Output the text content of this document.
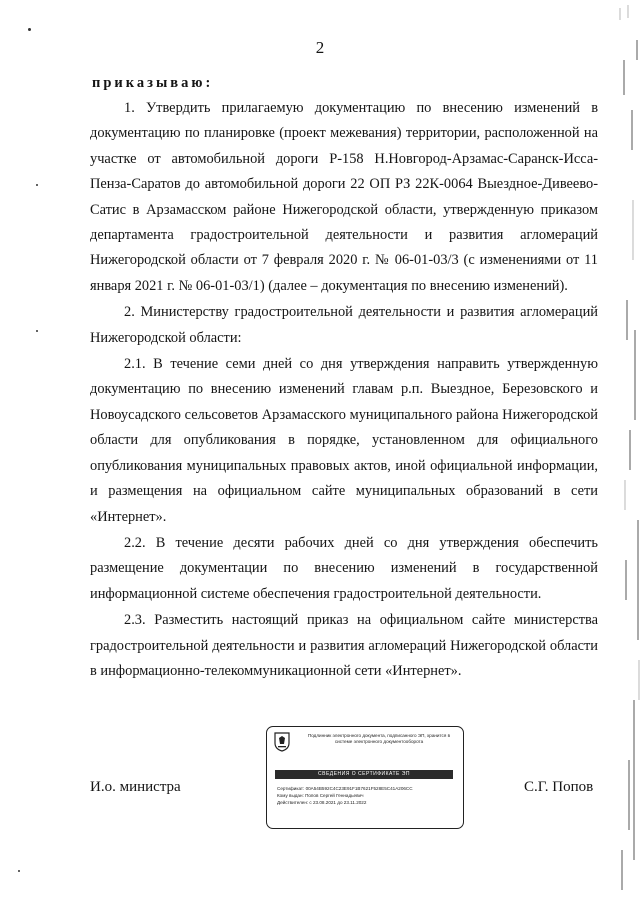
2
приказываю:

1. Утвердить прилагаемую документацию по внесению изменений в документацию по планировке (проект межевания) территории, расположенной на участке от автомобильной дороги Р-158 Н.Новгород-Арзамас-Саранск-Исса-Пенза-Саратов до автомобильной дороги 22 ОП РЗ 22К-0064 Выездное-Дивеево-Сатис в Арзамасском районе Нижегородской области, утвержденную приказом департамента градостроительной деятельности и развития агломераций Нижегородской области от 7 февраля 2020 г. № 06-01-03/3 (с изменениями от 11 января 2021 г. № 06-01-03/1) (далее – документация по внесению изменений).

2. Министерству градостроительной деятельности и развития агломераций Нижегородской области:

2.1. В течение семи дней со дня утверждения направить утвержденную документацию по внесению изменений главам р.п. Выездное, Березовского и Новоусадского сельсоветов Арзамасского муниципального района Нижегородской области для опубликования в порядке, установленном для официального опубликования муниципальных правовых актов, иной официальной информации, и размещения на официальном сайте муниципальных образований в сети «Интернет».

2.2. В течение десяти рабочих дней со дня утверждения обеспечить размещение документации по внесению изменений в государственной информационной системе обеспечения градостроительной деятельности.

2.3. Разместить настоящий приказ на официальном сайте министерства градостроительной деятельности и развития агломераций Нижегородской области в информационно-телекоммуникационной сети «Интернет».

И.о. министра
Подлинник электронного документа, подписанного ЭП, хранится в системе электронного документооборота
СВЕДЕНИЯ О СЕРТИФИКАТЕ ЭП
Сертификат: 00A54B592C4C23E91F1B7621F528E5C41A206CC
Кому выдан: Попов Сергей Геннадьевич
Действителен: с 23.08.2021 до 23.11.2022
С.Г. Попов
